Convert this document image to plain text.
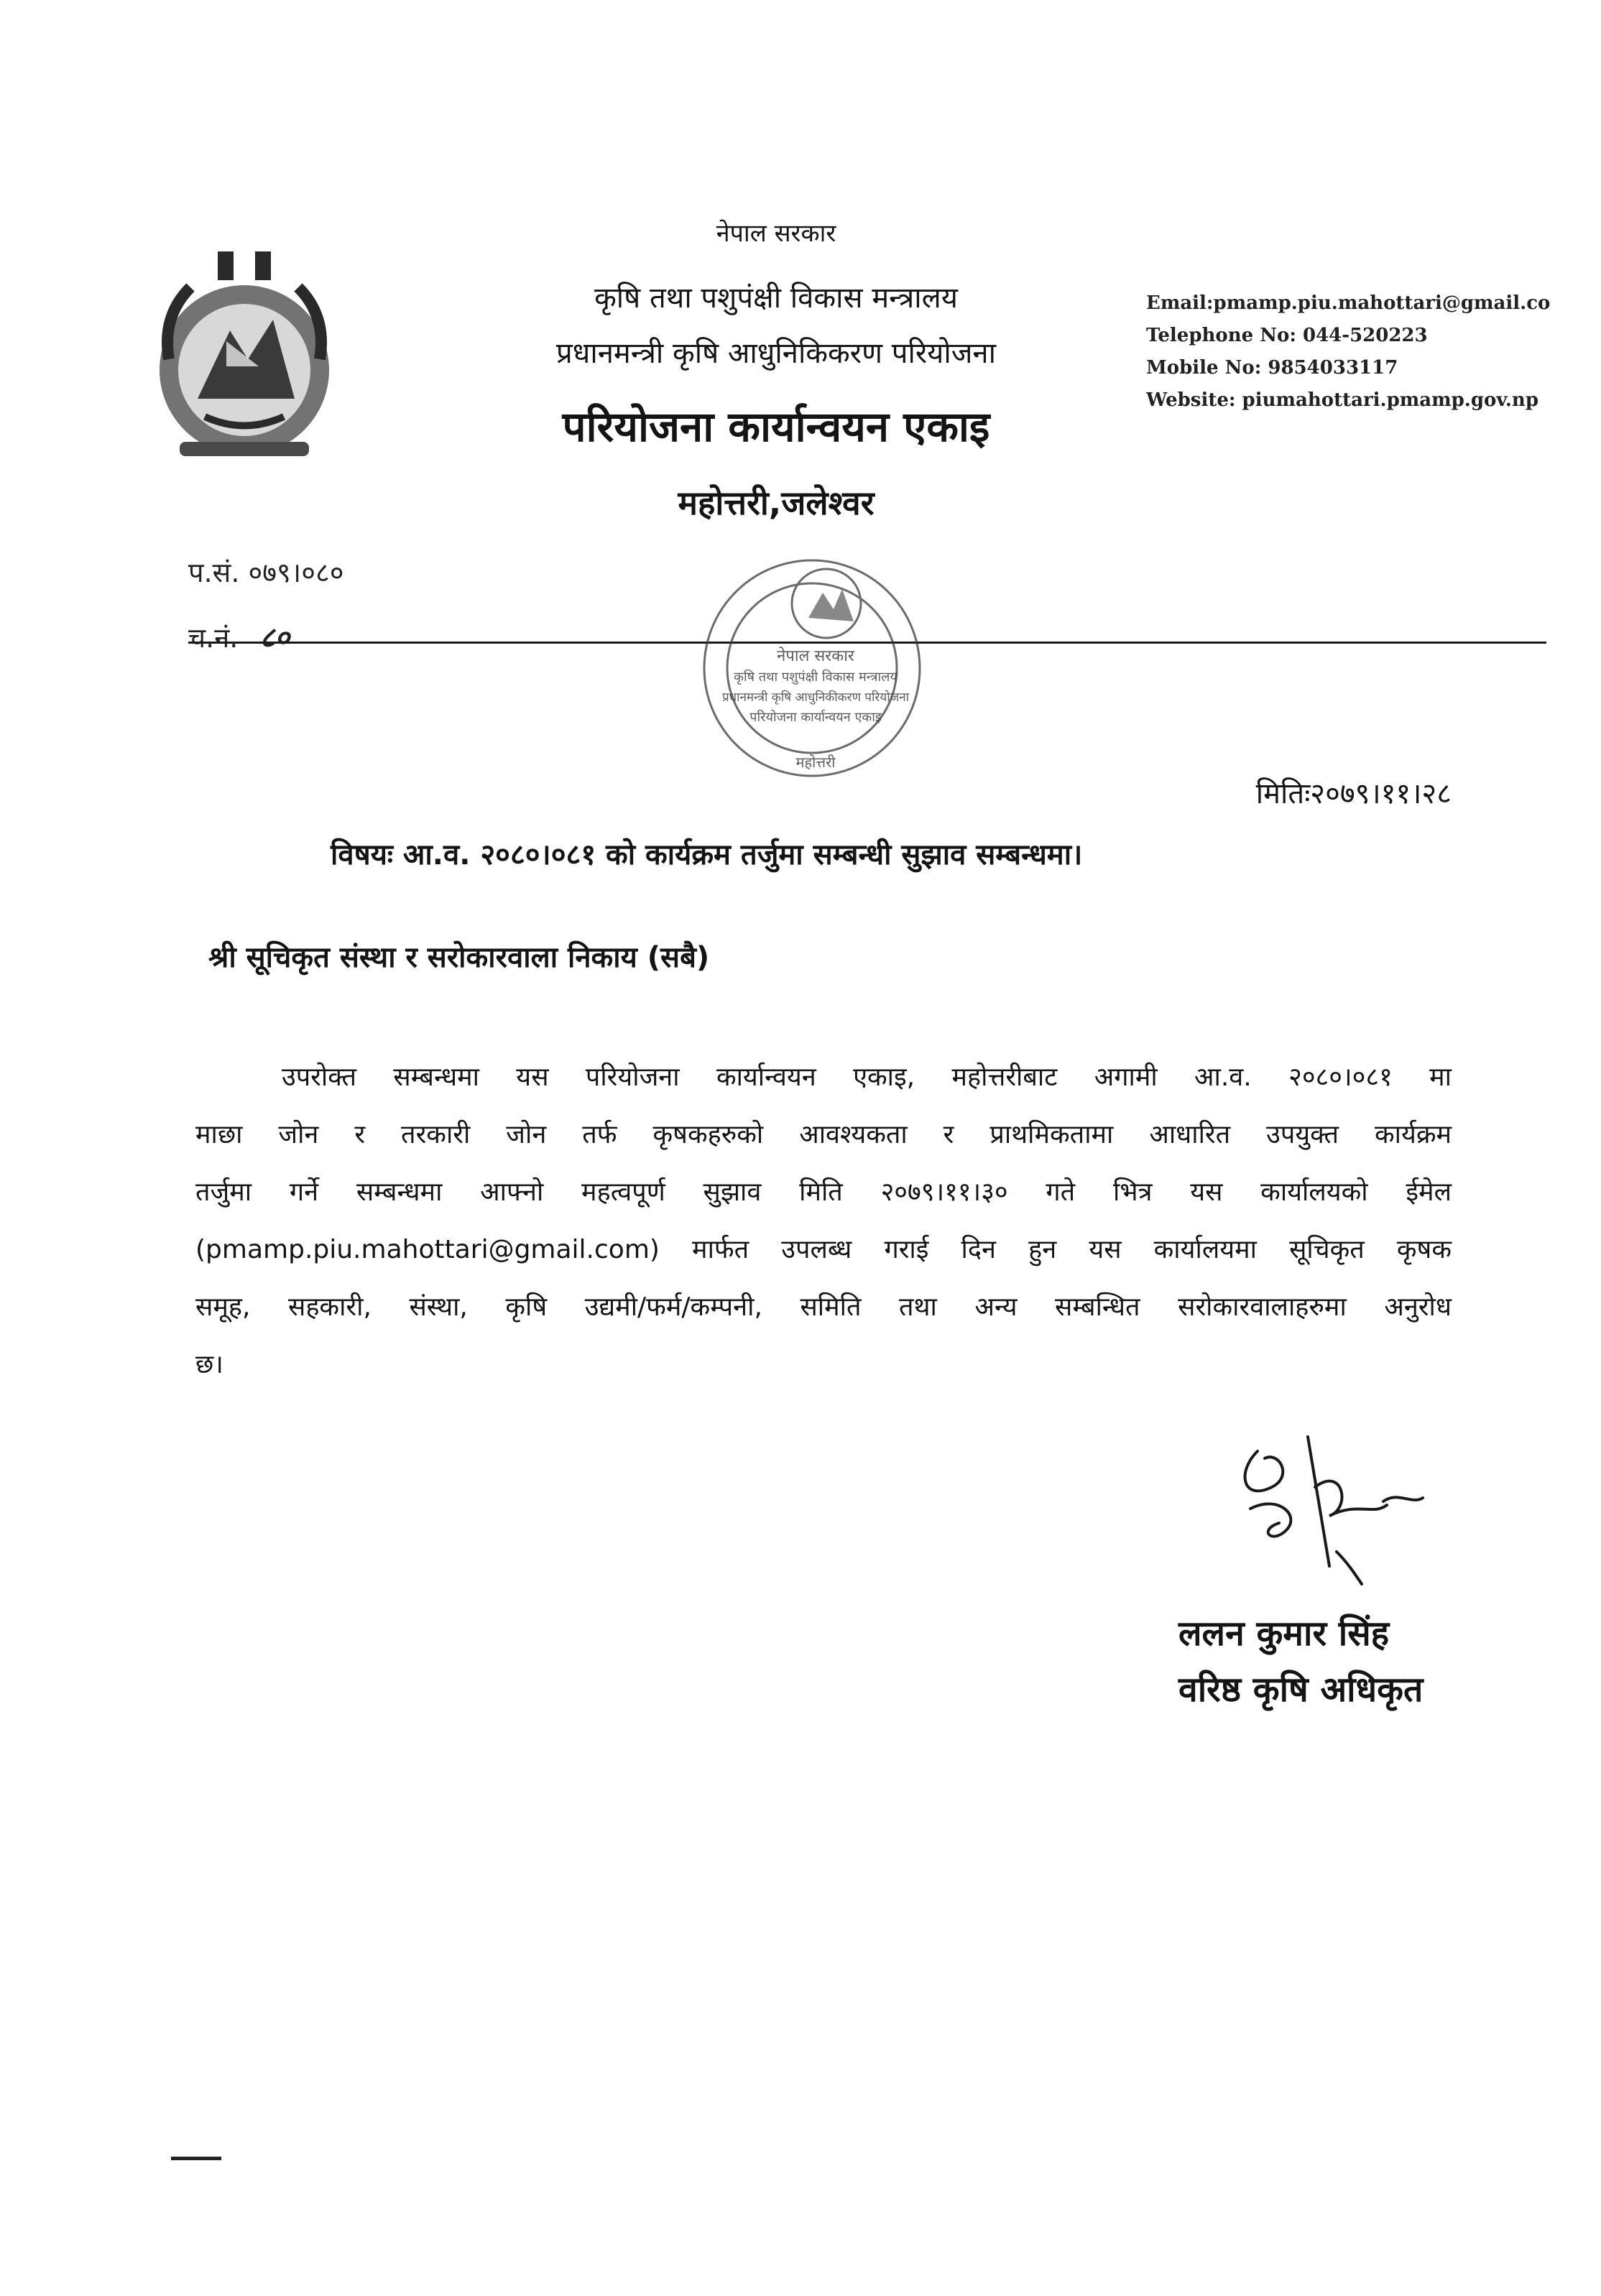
नेपाल सरकार
कृषि तथा पशुपंक्षी विकास मन्त्रालय
प्रधानमन्त्री कृषि आधुनिकिकरण परियोजना
परियोजना कार्यान्वयन एकाइ
महोत्तरी,जलेश्वर
Email:pmamp.piu.mahottari@gmail.co
Telephone No: 044-520223
Mobile No: 9854033117
Website: piumahottari.pmamp.gov.np
प.सं. ०७९।०८०
च.नं. ८०
नेपाल सरकार
कृषि तथा पशुपंक्षी विकास मन्त्रालय
प्रधानमन्त्री कृषि आधुनिकीकरण परियोजना
परियोजना कार्यान्वयन एकाइ
महोत्तरी
मितिः२०७९।११।२८
विषयः आ.व. २०८०।०८१ को कार्यक्रम तर्जुमा सम्बन्धी सुझाव सम्बन्धमा।
श्री सूचिकृत संस्था र सरोकारवाला निकाय (सबै)
उपरोक्त सम्बन्धमा यस परियोजना कार्यान्वयन एकाइ, महोत्तरीबाट अगामी आ.व. २०८०।०८१ मा
माछा जोन र तरकारी जोन तर्फ कृषकहरुको आवश्यकता र प्राथमिकतामा आधारित उपयुक्त कार्यक्रम
तर्जुमा गर्ने सम्बन्धमा आफ्नो महत्वपूर्ण सुझाव मिति २०७९।११।३० गते भित्र यस कार्यालयको ईमेल
(pmamp.piu.mahottari@gmail.com) मार्फत उपलब्ध गराई दिन हुन यस कार्यालयमा सूचिकृत कृषक
समूह, सहकारी, संस्था, कृषि उद्यमी/फर्म/कम्पनी, समिति तथा अन्य सम्बन्धित सरोकारवालाहरुमा अनुरोध
छ।
ललन कुमार सिंह
वरिष्ठ कृषि अधिकृत
